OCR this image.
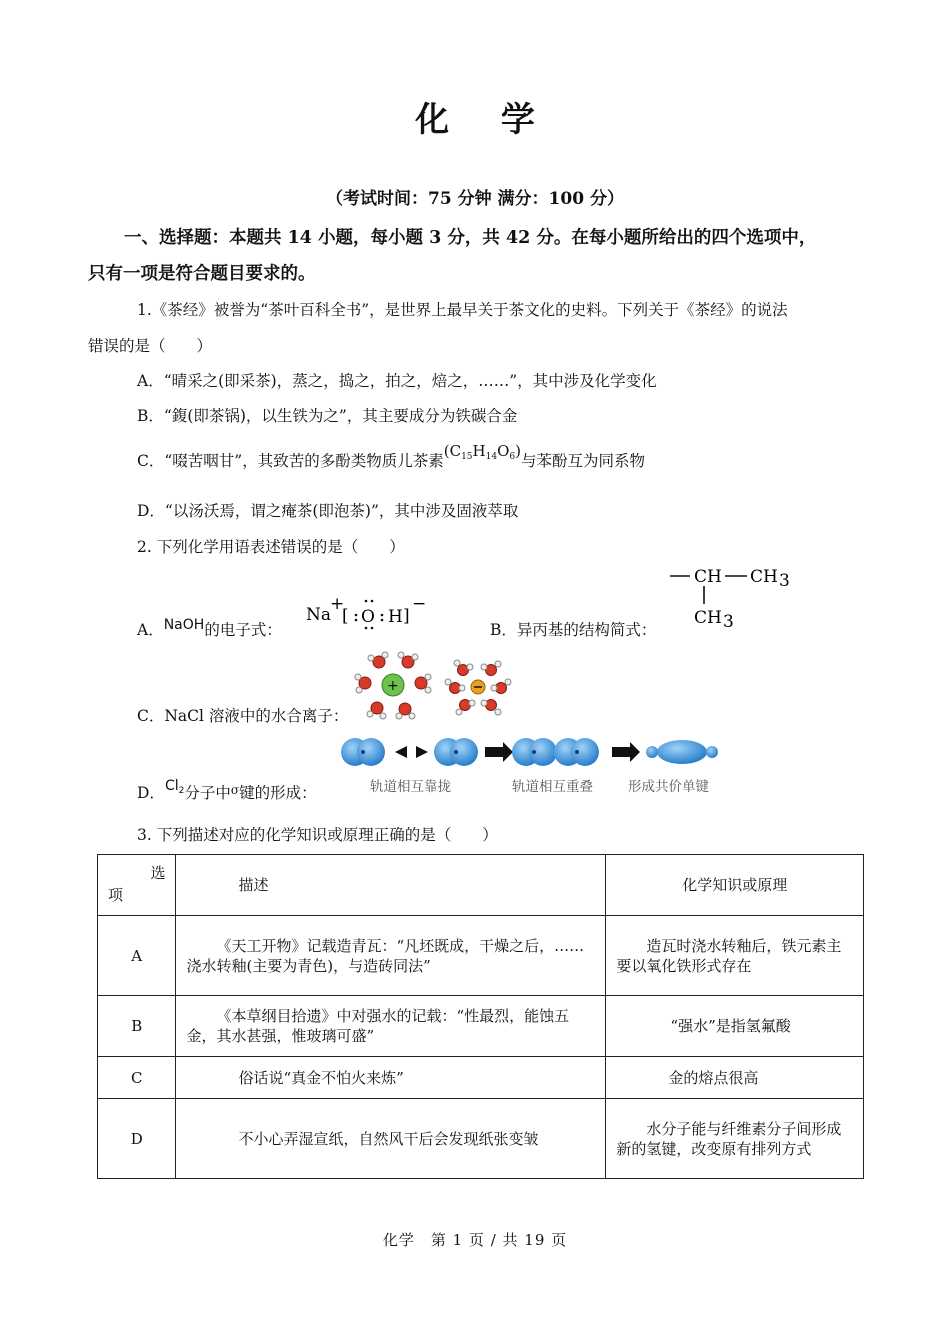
化 学
（考试时间：75 分钟 满分：100 分）
一、选择题：本题共 14 小题，每小题 3 分，共 42 分。在每小题所给出的四个选项中，
只有一项是符合题目要求的。
1.《茶经》被誉为“茶叶百科全书”，是世界上最早关于茶文化的史料。下列关于《茶经》的说法
错误的是（　　）
A．“晴采之(即采茶)，蒸之，捣之，拍之，焙之，……”，其中涉及化学变化
B．“鍑(即茶锅)，以生铁为之”，其主要成分为铁碳合金
C．“啜苦咽甘”，其致苦的多酚类物质儿茶素$(C_{15}H_{14}O_6)$与苯酚互为同系物
D．“以汤沃焉，谓之痷茶(即泡茶)”，其中涉及固液萃取
2. 下列化学用语表述错误的是（　　）
A．NaOH的电子式：
Na
+
[ O H ]
−
B．异丙基的结构简式：
CH CH 3
CH 3
C．NaCl 溶液中的水合离子：
+
D．$Cl_2$分子中$^\sigma$键的形成：	轨道相互靠拢	轨道相互重叠	形成共价单键
3. 下列描述对应的化学知识或原理正确的是（　　）
选
项	描述	化学知识或原理
A	《天工开物》记载造青瓦：“凡坯既成，干燥之后，……浇水转釉(主要为青色)，与造砖同法”	造瓦时浇水转釉后，铁元素主要以氧化铁形式存在
B	《本草纲目拾遗》中对强水的记载：“性最烈，能蚀五金，其水甚强，惟玻璃可盛”	“强水”是指氢氟酸
C	俗话说“真金不怕火来炼”	金的熔点很高
D	不小心弄湿宣纸，自然风干后会发现纸张变皱	水分子能与纤维素分子间形成新的氢键，改变原有排列方式
化学　第 1 页 / 共 19 页
